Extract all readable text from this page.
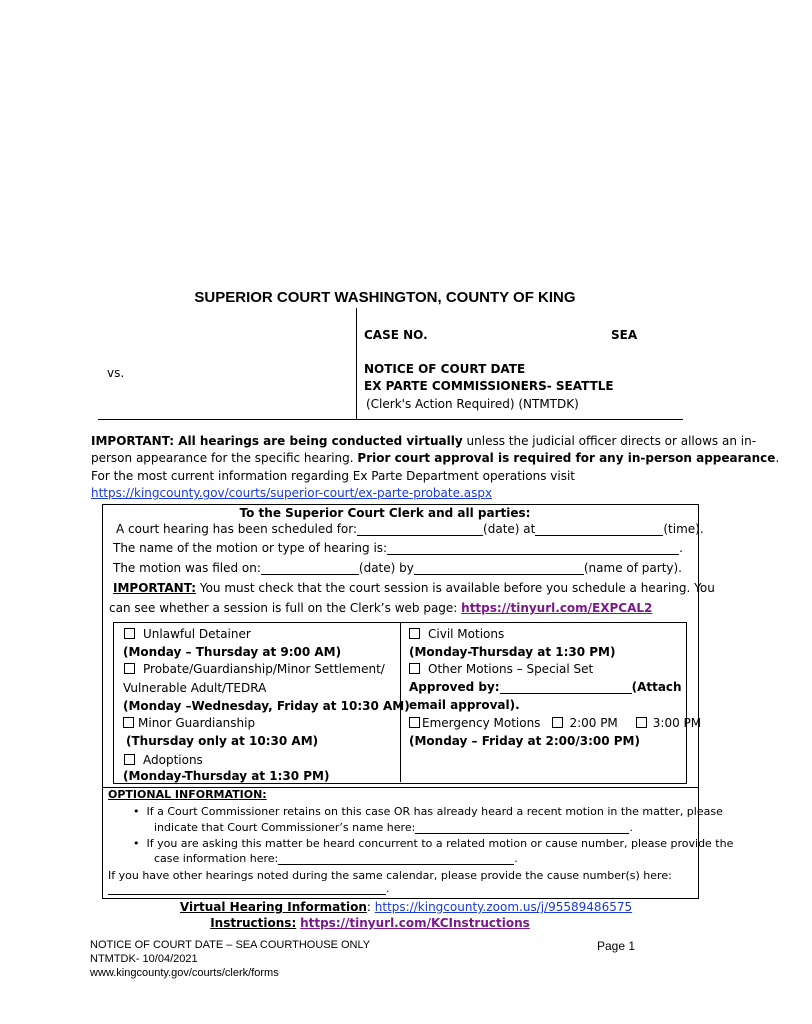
SUPERIOR COURT WASHINGTON, COUNTY OF KING
vs.
CASE NO.	SEA
NOTICE OF COURT DATE
EX PARTE COMMISSIONERS- SEATTLE
(Clerk's Action Required) (NTMTDK)
IMPORTANT: All hearings are being conducted virtually unless the judicial officer directs or allows an in-
person appearance for the specific hearing. Prior court approval is required for any in-person appearance.
For the most current information regarding Ex Parte Department operations visit
https://kingcounty.gov/courts/superior-court/ex-parte-probate.aspx
To the Superior Court Clerk and all parties:
A court hearing has been scheduled for:	(date) at	(time).
The name of the motion or type of hearing is:	.
The motion was filed on:	(date) by	(name of party).
IMPORTANT: You must check that the court session is available before you schedule a hearing. You
can see whether a session is full on the Clerk’s web page: https://tinyurl.com/EXPCAL2
Unlawful Detainer
(Monday – Thursday at 9:00 AM)
Probate/Guardianship/Minor Settlement/
Vulnerable Adult/TEDRA
(Monday –Wednesday, Friday at 10:30 AM)
Minor Guardianship
(Thursday only at 10:30 AM)
Adoptions
(Monday-Thursday at 1:30 PM)
Civil Motions
(Monday-Thursday at 1:30 PM)
Other Motions – Special Set
Approved by:	(Attach
email approval).
Emergency Motions 2:00 PM	3:00 PM
(Monday – Friday at 2:00/3:00 PM)
OPTIONAL INFORMATION:
•  If a Court Commissioner retains on this case OR has already heard a recent motion in the matter, please
indicate that Court Commissioner’s name here:	.
•  If you are asking this matter be heard concurrent to a related motion or cause number, please provide the
case information here:	.
If you have other hearings noted during the same calendar, please provide the cause number(s) here:
.
Virtual Hearing Information: https://kingcounty.zoom.us/j/95589486575
Instructions: https://tinyurl.com/KCInstructions
NOTICE OF COURT DATE – SEA COURTHOUSE ONLY
NTMTDK- 10/04/2021
www.kingcounty.gov/courts/clerk/forms
Page 1
